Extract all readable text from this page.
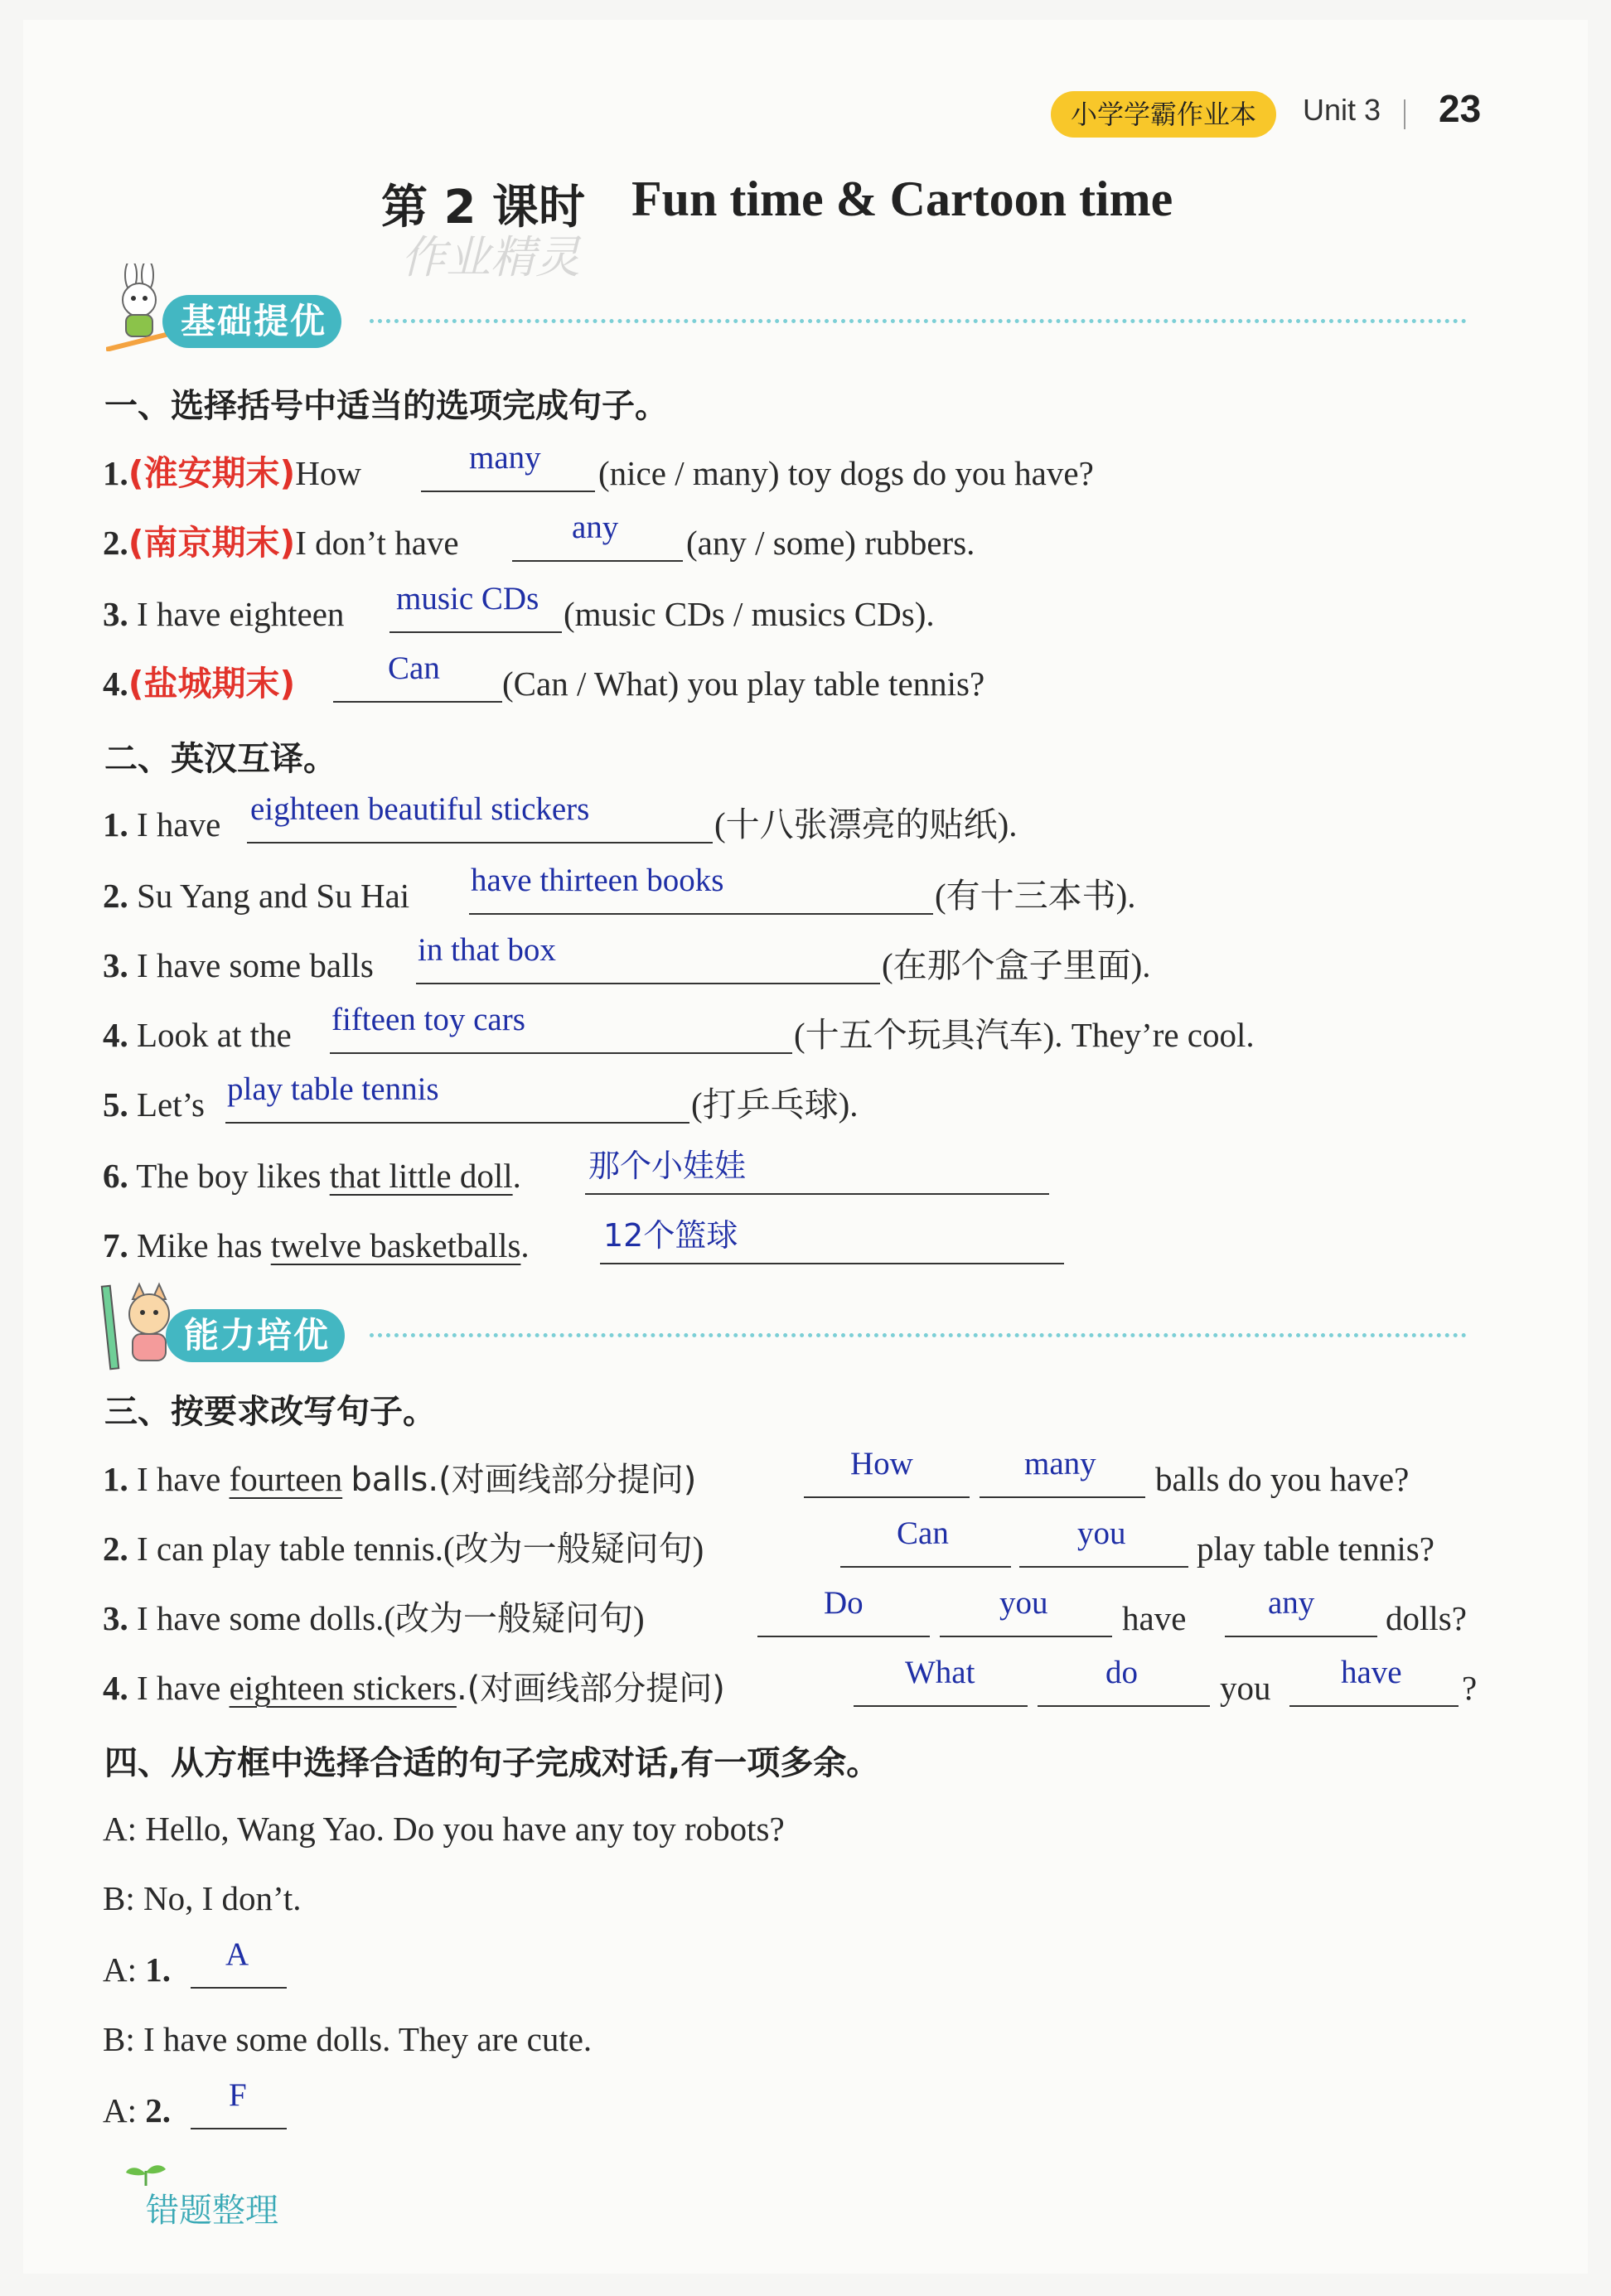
小学学霸作业本	Unit 3 23
第 2 课时 Fun time & Cartoon time
作业精灵
基础提优
一、选择括号中适当的选项完成句子。
1.(淮安期末)How	many (nice / many) toy dogs do you have?
2.(南京期末)I don’t have	any (any / some) rubbers.
3. I have eighteen music CDs (music CDs / musics CDs).
4.(盐城期末)	Can (Can / What) you play table tennis?
二、英汉互译。
1. I have eighteen beautiful stickers	(十八张漂亮的贴纸).
2. Su Yang and Su Hai have thirteen books	(有十三本书).
3. I have some balls in that box	(在那个盒子里面).
4. Look at the fifteen toy cars	(十五个玩具汽车). They’re cool.
5. Let’s play table tennis	(打乒乓球).
6. The boy likes that little doll. 那个小娃娃
7. Mike has twelve basketballs. 12个篮球
能力培优
三、按要求改写句子。
1. I have fourteen balls.(对画线部分提问)	How	many balls do you have?
2. I can play table tennis.(改为一般疑问句)	Can	you play table tennis?
3. I have some dolls.(改为一般疑问句)	Do	you have	any dolls?
4. I have eighteen stickers.(对画线部分提问)	What	do you have ?
四、从方框中选择合适的句子完成对话,有一项多余。
A: Hello, Wang Yao. Do you have any toy robots?
B: No, I don’t.
A: 1. A
B: I have some dolls. They are cute.
A: 2. F
错题整理
